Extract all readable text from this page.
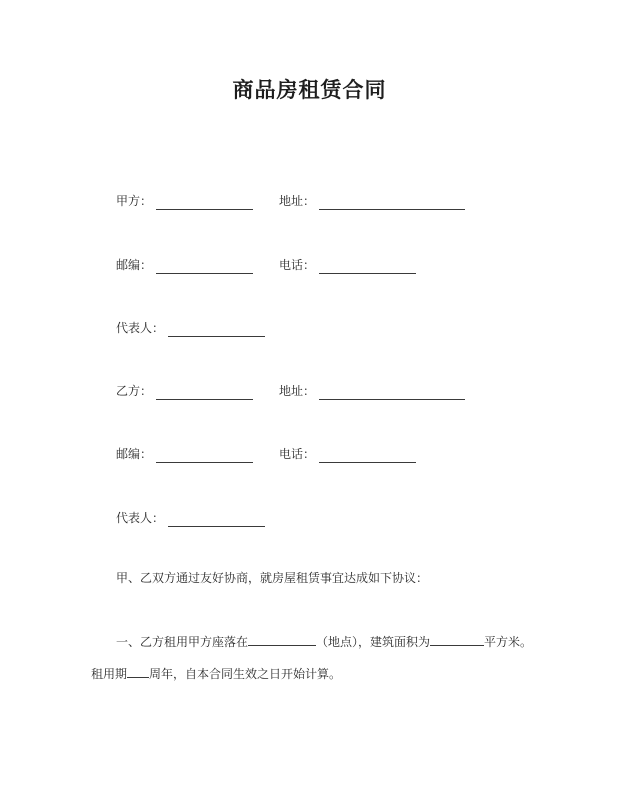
商品房租赁合同
甲方：	地址：
邮编：	电话：
代表人：
乙方：	地址：
邮编：	电话：
代表人：
甲、乙双方通过友好协商，就房屋租赁事宜达成如下协议：
一、乙方租用甲方座落在	（地点），建筑面积为	平方米。
租用期 周年，自本合同生效之日开始计算。
